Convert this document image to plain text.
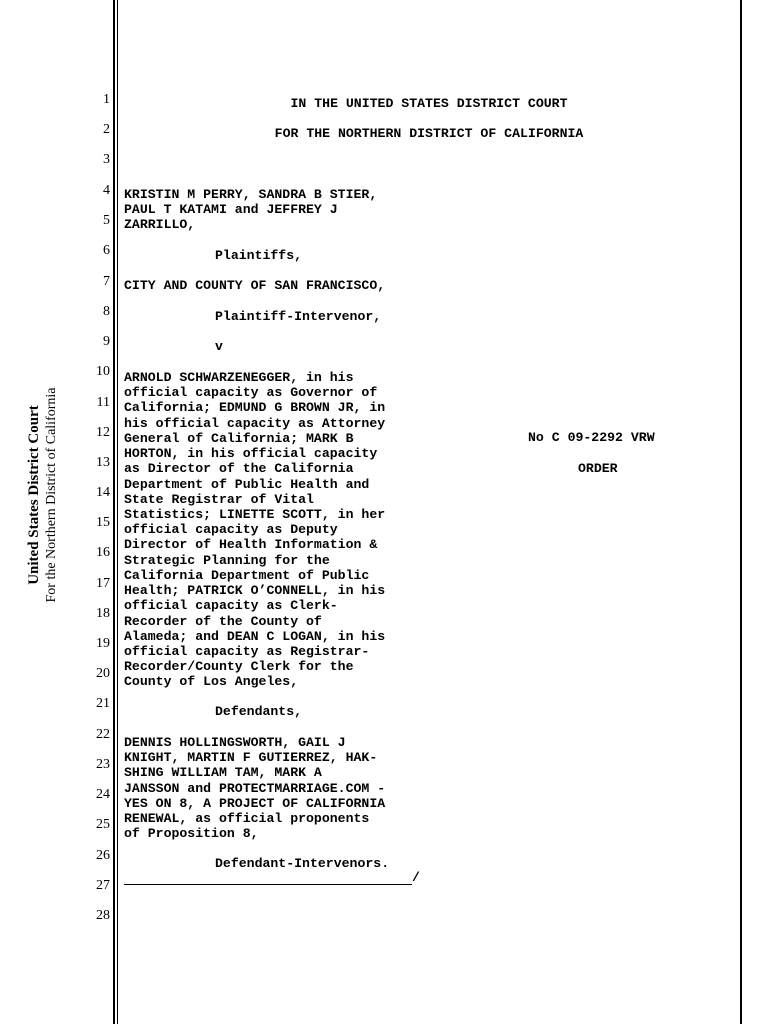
United States District Court For the Northern District of California
1
2
3
4
5
6
7
8
9
10
11
12
13
14
15
16
17
18
19
20
21
22
23
24
25
26
27
28
IN THE UNITED STATES DISTRICT COURT
FOR THE NORTHERN DISTRICT OF CALIFORNIA
KRISTIN M PERRY, SANDRA B STIER,
PAUL T KATAMI and JEFFREY J
ZARRILLO,
Plaintiffs,
CITY AND COUNTY OF SAN FRANCISCO,
Plaintiff-Intervenor,
v
ARNOLD SCHWARZENEGGER, in his
official capacity as Governor of
California; EDMUND G BROWN JR, in
his official capacity as Attorney
General of California; MARK B
HORTON, in his official capacity
as Director of the California
Department of Public Health and
State Registrar of Vital
Statistics; LINETTE SCOTT, in her
official capacity as Deputy
Director of Health Information &
Strategic Planning for the
California Department of Public
Health; PATRICK O’CONNELL, in his
official capacity as Clerk-
Recorder of the County of
Alameda; and DEAN C LOGAN, in his
official capacity as Registrar-
Recorder/County Clerk for the
County of Los Angeles,
Defendants,
DENNIS HOLLINGSWORTH, GAIL J
KNIGHT, MARTIN F GUTIERREZ, HAK-
SHING WILLIAM TAM, MARK A
JANSSON and PROTECTMARRIAGE.COM -
YES ON 8, A PROJECT OF CALIFORNIA
RENEWAL, as official proponents
of Proposition 8,
Defendant-Intervenors.
/
No C 09-2292 VRW
ORDER
